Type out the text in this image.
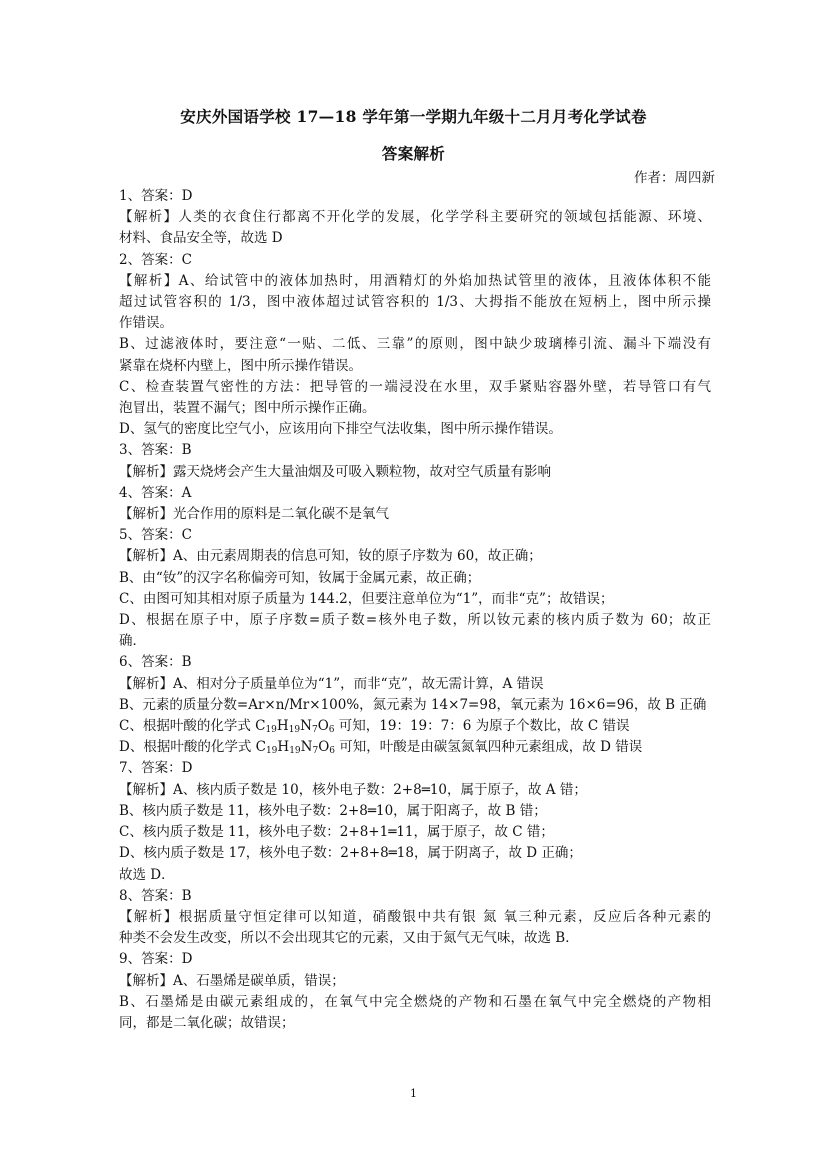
安庆外国语学校 17—18 学年第一学期九年级十二月月考化学试卷
答案解析
作者：周四新
1、答案：D
【解析】人类的衣食住行都离不开化学的发展，化学学科主要研究的领域包括能源、环境、
材料、食品安全等，故选 D
2、答案：C
【解析】A、给试管中的液体加热时，用酒精灯的外焰加热试管里的液体，且液体体积不能
超过试管容积的 1/3，图中液体超过试管容积的 1/3、大拇指不能放在短柄上，图中所示操
作错误。
B、过滤液体时，要注意“一贴、二低、三靠”的原则，图中缺少玻璃棒引流、漏斗下端没有
紧靠在烧杯内壁上，图中所示操作错误。
C、检查装置气密性的方法：把导管的一端浸没在水里，双手紧贴容器外壁，若导管口有气
泡冒出，装置不漏气；图中所示操作正确。
D、氢气的密度比空气小，应该用向下排空气法收集，图中所示操作错误。
3、答案：B
【解析】露天烧烤会产生大量油烟及可吸入颗粒物，故对空气质量有影响
4、答案：A
【解析】光合作用的原料是二氧化碳不是氧气
5、答案：C
【解析】A、由元素周期表的信息可知，钕的原子序数为 60，故正确；
B、由“钕”的汉字名称偏旁可知，钕属于金属元素，故正确；
C、由图可知其相对原子质量为 144.2，但要注意单位为“1”，而非“克”；故错误；
D、根据在原子中，原子序数=质子数=核外电子数，所以钕元素的核内质子数为 60；故正
确．
6、答案：B
【解析】A、相对分子质量单位为“1”，而非“克”，故无需计算，A 错误
B、元素的质量分数=Ar×n/Mr×100%，氮元素为 14×7=98，氧元素为 16×6=96，故 B 正确
C、根据叶酸的化学式 $C_{19}H_{19}N_7O_6$ 可知，19：19：7：6 为原子个数比，故 C 错误
D、根据叶酸的化学式 $C_{19}H_{19}N_7O_6$ 可知，叶酸是由碳氢氮氧四种元素组成，故 D 错误
7、答案：D
【解析】A、核内质子数是 10，核外电子数：2+8═10，属于原子，故 A 错；
B、核内质子数是 11，核外电子数：2+8═10，属于阳离子，故 B 错；
C、核内质子数是 11，核外电子数：2+8+1═11，属于原子，故 C 错；
D、核内质子数是 17，核外电子数：2+8+8═18，属于阴离子，故 D 正确；
故选 D．
8、答案：B
【解析】根据质量守恒定律可以知道，硝酸银中共有银 氮 氧三种元素，反应后各种元素的
种类不会发生改变，所以不会出现其它的元素，又由于氮气无气味，故选 B．
9、答案：D
【解析】A、石墨烯是碳单质，错误；
B、石墨烯是由碳元素组成的，在氧气中完全燃烧的产物和石墨在氧气中完全燃烧的产物相
同，都是二氧化碳；故错误；
1
